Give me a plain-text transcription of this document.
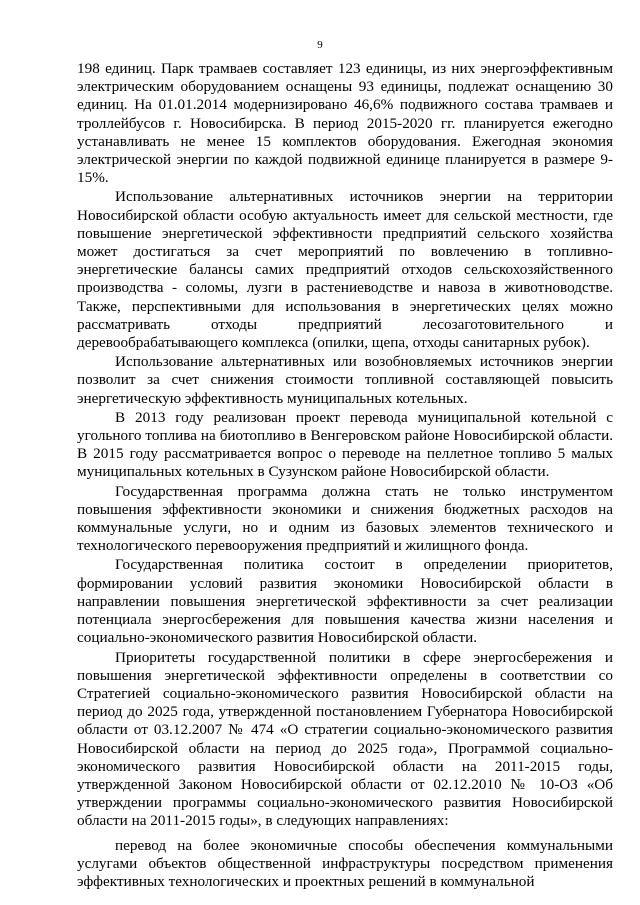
9

198 единиц. Парк трамваев составляет 123 единицы, из них энергоэффективным электрическим оборудованием оснащены 93 единицы, подлежат оснащению 30 единиц. На 01.01.2014 модернизировано 46,6% подвижного состава трамваев и троллейбусов г. Новосибирска. В период 2015-2020 гг. планируется ежегодно устанавливать не менее 15 комплектов оборудования. Ежегодная экономия электрической энергии по каждой подвижной единице планируется в размере 9-15%.

Использование альтернативных источников энергии на территории Новосибирской области особую актуальность имеет для сельской местности, где повышение энергетической эффективности предприятий сельского хозяйства может достигаться за счет мероприятий по вовлечению в топливно-энергетические балансы самих предприятий отходов сельскохозяйственного производства - соломы, лузги в растениеводстве и навоза в животноводстве. Также, перспективными для использования в энергетических целях можно рассматривать отходы предприятий лесозаготовительного и деревообрабатывающего комплекса (опилки, щепа, отходы санитарных рубок).

Использование альтернативных или возобновляемых источников энергии позволит за счет снижения стоимости топливной составляющей повысить энергетическую эффективность муниципальных котельных.

В 2013 году реализован проект перевода муниципальной котельной с угольного топлива на биотопливо в Венгеровском районе Новосибирской области. В 2015 году рассматривается вопрос о переводе на пеллетное топливо 5 малых муниципальных котельных в Сузунском районе Новосибирской области.

Государственная программа должна стать не только инструментом повышения эффективности экономики и снижения бюджетных расходов на коммунальные услуги, но и одним из базовых элементов технического и технологического перевооружения предприятий и жилищного фонда.

Государственная политика состоит в определении приоритетов, формировании условий развития экономики Новосибирской области в направлении повышения энергетической эффективности за счет реализации потенциала энергосбережения для повышения качества жизни населения и социально-экономического развития Новосибирской области.

Приоритеты государственной политики в сфере энергосбережения и повышения энергетической эффективности определены в соответствии со Стратегией социально-экономического развития Новосибирской области на период до 2025 года, утвержденной постановлением Губернатора Новосибирской области от 03.12.2007 № 474 «О стратегии социально-экономического развития Новосибирской области на период до 2025 года», Программой социально-экономического развития Новосибирской области на 2011-2015 годы, утвержденной Законом Новосибирской области от 02.12.2010 № 10-ОЗ «Об утверждении программы социально-экономического развития Новосибирской области на 2011-2015 годы», в следующих направлениях:

перевод на более экономичные способы обеспечения коммунальными услугами объектов общественной инфраструктуры посредством применения эффективных технологических и проектных решений в коммунальной
